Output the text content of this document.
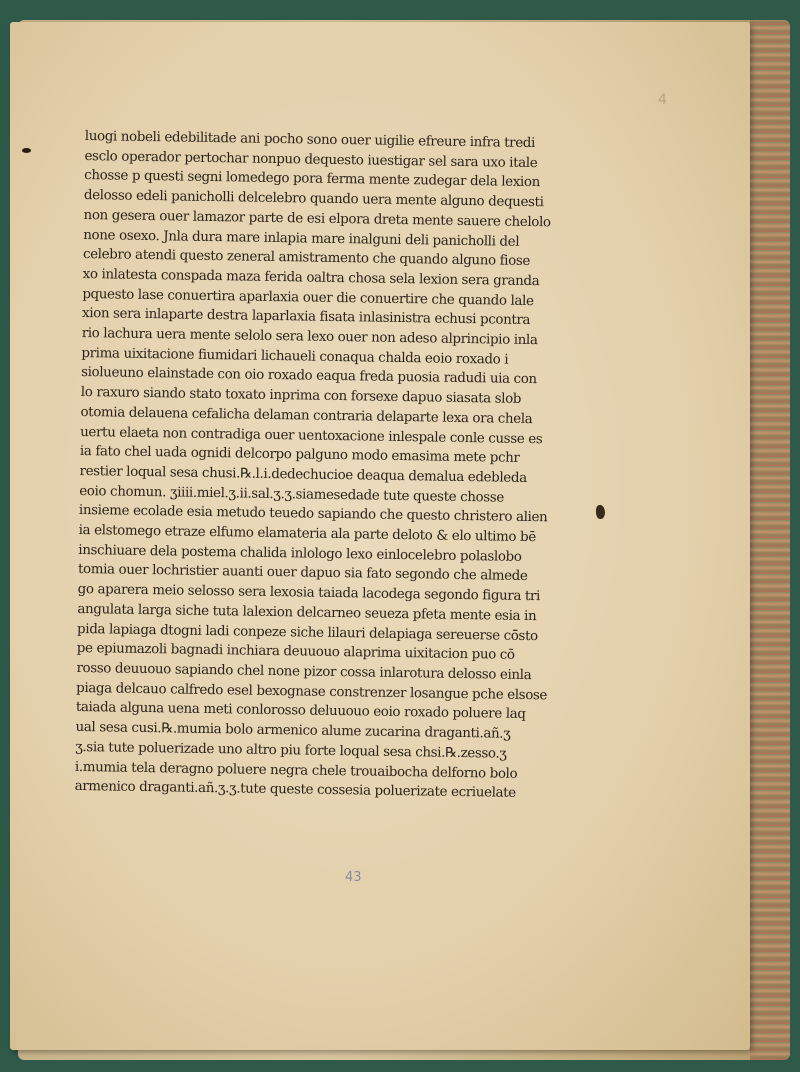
luogi nobeli edebilitade ani pocho sono ouer uigilie efreure infra tredi
esclo operador pertochar nonpuo dequesto iuestigar sel sara uxo itale
chosse p questi segni lomedego pora ferma mente zudegar dela lexion
delosso edeli panicholli delcelebro quando uera mente alguno dequesti
non gesera ouer lamazor parte de esi elpora dreta mente sauere chelolo
none osexo. Jnla dura mare inlapia mare inalguni deli panicholli del
celebro atendi questo zeneral amistramento che quando alguno fiose
xo inlatesta conspada maza ferida oaltra chosa sela lexion sera granda
pquesto lase conuertira aparlaxia ouer die conuertire che quando lale
xion sera inlaparte destra laparlaxia fisata inlasinistra echusi pcontra
rio lachura uera mente selolo sera lexo ouer non adeso alprincipio inla
prima uixitacione fiumidari lichaueli conaqua chalda eoio roxado i
siolueuno elainstade con oio roxado eaqua freda puosia radudi uia con
lo raxuro siando stato toxato inprima con forsexe dapuo siasata slob
otomia delauena cefalicha delaman contraria delaparte lexa ora chela
uertu elaeta non contradiga ouer uentoxacione inlespale conle cusse es
ia fato chel uada ognidi delcorpo palguno modo emasima mete pchr
restier loqual sesa chusi.℞.l.i.dedechucioe deaqua demalua edebleda
eoio chomun. ʒiiii.miel.ʒ.ii.sal.ʒ.ʒ.siamesedade tute queste chosse
insieme ecolade esia metudo teuedo sapiando che questo christero alien
ia elstomego etraze elfumo elamateria ala parte deloto & elo ultimo bē
inschiuare dela postema chalida inlologo lexo einlocelebro polaslobo
tomia ouer lochristier auanti ouer dapuo sia fato segondo che almede
go aparera meio selosso sera lexosia taiada lacodega segondo figura tri
angulata larga siche tuta lalexion delcarneo seueza pfeta mente esia in
pida lapiaga dtogni ladi conpeze siche lilauri delapiaga sereuerse cō̄sto
pe epiumazoli bagnadi inchiara deuuouo alaprima uixitacion puo cō
rosso deuuouo sapiando chel none pizor cossa inlarotura delosso einla
piaga delcauo calfredo esel bexognase constrenzer losangue pche elsose
taiada alguna uena meti conlorosso deluuouo eoio roxado poluere laq
ual sesa cusi.℞.mumia bolo armenico alume zucarina draganti.añ.ʒ
ʒ.sia tute poluerizade uno altro piu forte loqual sesa chsi.℞.zesso.ʒ
i.mumia tela deragno poluere negra chele trouaibocha delforno bolo
armenico draganti.añ.ʒ.ʒ.tute queste cossesia poluerizate ecriuelate
43
4
